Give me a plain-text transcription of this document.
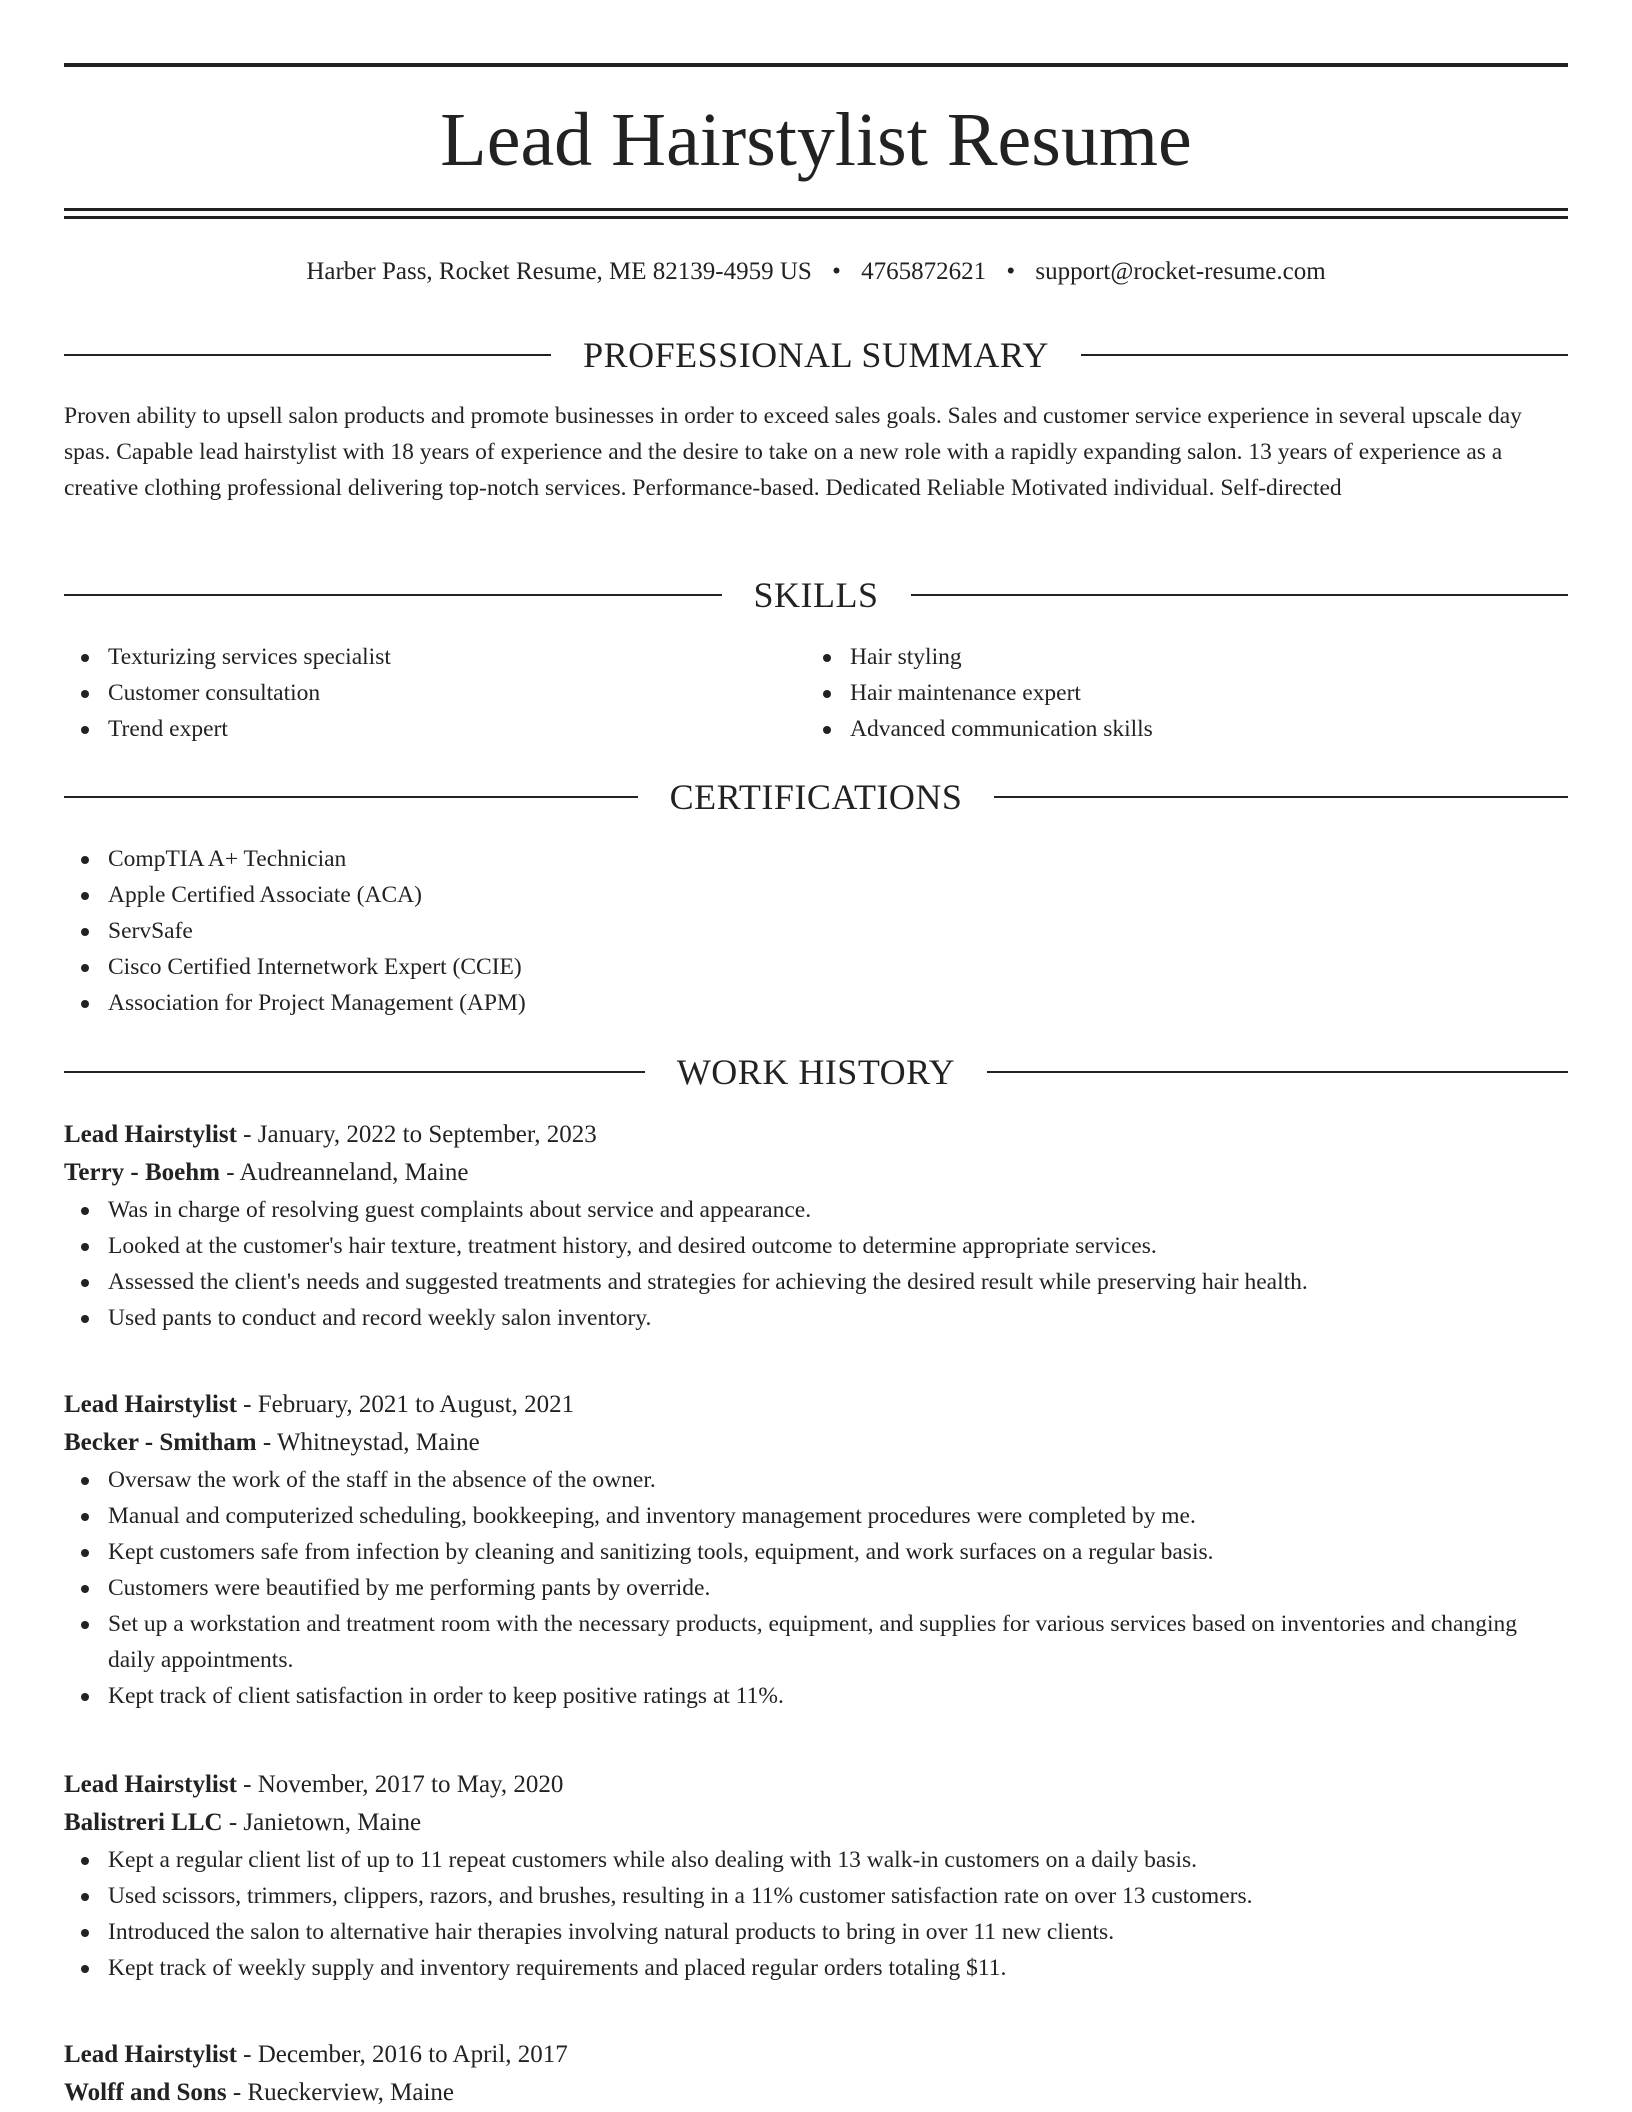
Lead Hairstylist Resume
Harber Pass, Rocket Resume, ME 82139-4959 US • 4765872621 • support@rocket-resume.com
PROFESSIONAL SUMMARY
Proven ability to upsell salon products and promote businesses in order to exceed sales goals. Sales and customer service experience in several upscale day spas. Capable lead hairstylist with 18 years of experience and the desire to take on a new role with a rapidly expanding salon. 13 years of experience as a creative clothing professional delivering top-notch services. Performance-based. Dedicated Reliable Motivated individual. Self-directed
SKILLS
Texturizing services specialist
Customer consultation
Trend expert
Hair styling
Hair maintenance expert
Advanced communication skills
CERTIFICATIONS
CompTIA A+ Technician
Apple Certified Associate (ACA)
ServSafe
Cisco Certified Internetwork Expert (CCIE)
Association for Project Management (APM)
WORK HISTORY
Lead Hairstylist - January, 2022 to September, 2023
Terry - Boehm - Audreanneland, Maine
Was in charge of resolving guest complaints about service and appearance.
Looked at the customer's hair texture, treatment history, and desired outcome to determine appropriate services.
Assessed the client's needs and suggested treatments and strategies for achieving the desired result while preserving hair health.
Used pants to conduct and record weekly salon inventory.
Lead Hairstylist - February, 2021 to August, 2021
Becker - Smitham - Whitneystad, Maine
Oversaw the work of the staff in the absence of the owner.
Manual and computerized scheduling, bookkeeping, and inventory management procedures were completed by me.
Kept customers safe from infection by cleaning and sanitizing tools, equipment, and work surfaces on a regular basis.
Customers were beautified by me performing pants by override.
Set up a workstation and treatment room with the necessary products, equipment, and supplies for various services based on inventories and changing daily appointments.
Kept track of client satisfaction in order to keep positive ratings at 11%.
Lead Hairstylist - November, 2017 to May, 2020
Balistreri LLC - Janietown, Maine
Kept a regular client list of up to 11 repeat customers while also dealing with 13 walk-in customers on a daily basis.
Used scissors, trimmers, clippers, razors, and brushes, resulting in a 11% customer satisfaction rate on over 13 customers.
Introduced the salon to alternative hair therapies involving natural products to bring in over 11 new clients.
Kept track of weekly supply and inventory requirements and placed regular orders totaling $11.
Lead Hairstylist - December, 2016 to April, 2017
Wolff and Sons - Rueckerview, Maine
